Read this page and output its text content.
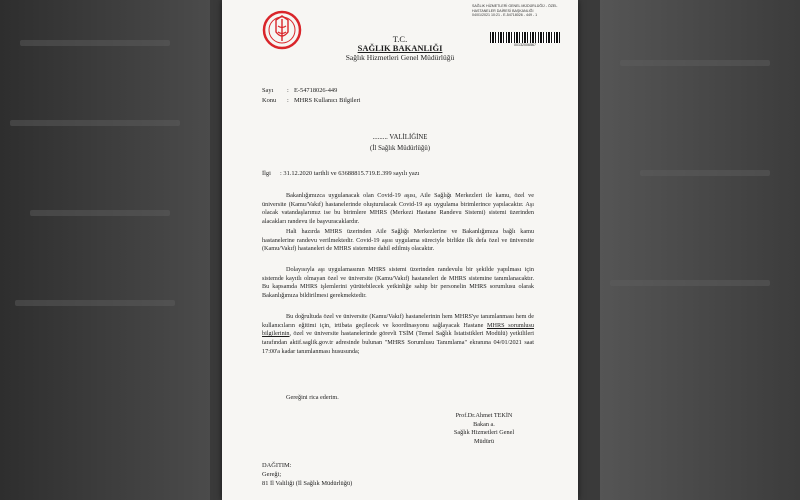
T.C.
SAĞLIK BAKANLIĞI
Sağlık Hizmetleri Genel Müdürlüğü
SAĞLIK HİZMETLERİ GENEL MÜDÜRLÜĞÜ - ÖZEL
HASTANELER DAİRESİ BAŞKANLIĞI
04/01/2021 10:21 - E-54718026 - 449 - 1
00132006567
Sayı : E-54718026-449
Konu : MHRS Kullanıcı Bilgileri
......... VALİLİĞİNE
(İl Sağlık Müdürlüğü)
İlgi : 31.12.2020 tarihli ve 63688815.719.E.399 sayılı yazı
Bakanlığımızca uygulanacak olan Covid-19 aşısı, Aile Sağlığı Merkezleri ile kamu, özel ve üniversite (Kamu/Vakıf) hastanelerinde oluşturulacak Covid-19 aşı uygulama birimlerince yapılacaktır. Aşı olacak vatandaşlarımız ise bu birimlere MHRS (Merkezi Hastane Randevu Sistemi) sistemi üzerinden alacakları randevu ile başvuracaklardır.
Hali hazırda MHRS üzerinden Aile Sağlığı Merkezlerine ve Bakanlığımıza bağlı kamu hastanelerine randevu verilmektedir. Covid-19 aşısı uygulama süreciyle birlikte ilk defa özel ve üniversite (Kamu/Vakıf) hastaneleri de MHRS sistemine dahil edilmiş olacaktır.
Dolayısıyla aşı uygulamasının MHRS sistemi üzerinden randevulu bir şekilde yapılması için sistemde kayıtlı olmayan özel ve üniversite (Kamu/Vakıf) hastaneleri de MHRS sistemine tanımlanacaktır. Bu kapsamda MHRS işlemlerini yürütebilecek yetkinliğe sahip bir personelin MHRS sorumlusu olarak Bakanlığımıza bildirilmesi gerekmektedir.
Bu doğrultuda özel ve üniversite (Kamu/Vakıf) hastanelerinin hem MHRS'ye tanımlanması hem de kullanıcıların eğitimi için, irtibata geçilecek ve koordinasyonu sağlayacak Hastane MHRS sorumlusu bilgilerinin, özel ve üniversite hastanelerinde görevli TSİM (Temel Sağlık İstatistikleri Modülü) yetkilileri tarafından aktif.saglik.gov.tr adresinde bulunan "MHRS Sorumlusu Tanımlama" ekranına 04/01/2021 saat 17:00'a kadar tanımlanması hususunda;
Gereğini rica ederim.
Prof.Dr.Ahmet TEKİN
Bakan a.
Sağlık Hizmetleri Genel
Müdürü
DAĞITIM:
Gereği;
81 İl Valiliği (İl Sağlık Müdürlüğü)
